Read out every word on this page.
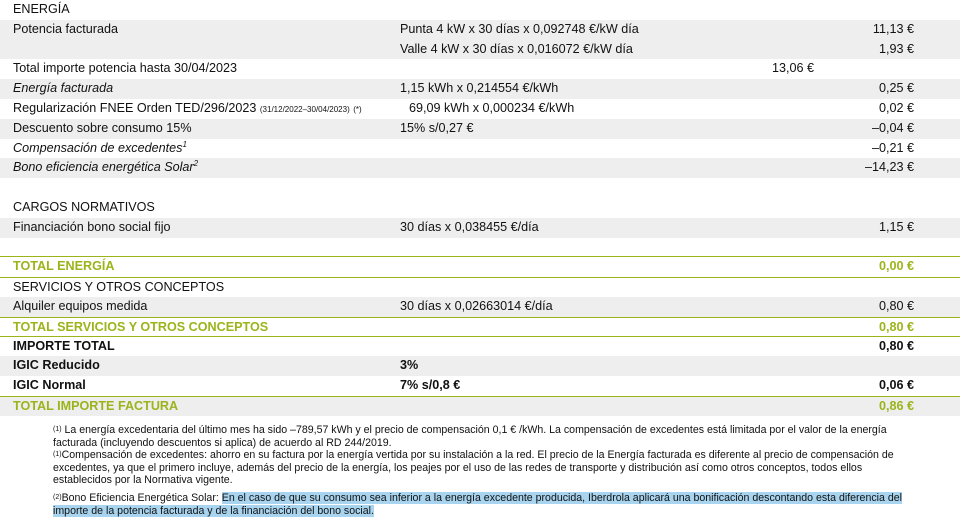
ENERGÍA
Potencia facturada	Punta 4 kW x 30 días x 0,092748 €/kW día	11,13 €
Valle 4 kW x 30 días x 0,016072 €/kW día	1,93 €
Total importe potencia hasta 30/04/2023	13,06 €
Energía facturada	1,15 kWh x 0,214554 €/kWh	0,25 €
Regularización FNEE Orden TED/296/2023 (31/12/2022–30/04/2023) (*)	69,09 kWh x 0,000234 €/kWh	0,02 €
Descuento sobre consumo 15%	15% s/0,27 €	–0,04 €
Compensación de excedentes$^1$	–0,21 €
Bono eficiencia energética Solar$^2$	–14,23 €
CARGOS NORMATIVOS
Financiación bono social fijo	30 días x 0,038455 €/día	1,15 €
TOTAL ENERGÍA	0,00 €
SERVICIOS Y OTROS CONCEPTOS
Alquiler equipos medida	30 días x 0,02663014 €/día	0,80 €
TOTAL SERVICIOS Y OTROS CONCEPTOS	0,80 €
IMPORTE TOTAL	0,80 €
IGIC Reducido	3%
IGIC Normal	7% s/0,8 €	0,06 €
TOTAL IMPORTE FACTURA	0,86 €

$^{(1)}$ La energía excedentaria del último mes ha sido –789,57 kWh y el precio de compensación 0,1 € /kWh. La compensación de excedentes está limitada por el valor de la energía facturada (incluyendo descuentos si aplica) de acuerdo al RD 244/2019.

$^{(1)}$Compensación de excedentes: ahorro en su factura por la energía vertida por su instalación a la red. El precio de la Energía facturada es diferente al precio de compensación de excedentes, ya que el primero incluye, además del precio de la energía, los peajes por el uso de las redes de transporte y distribución así como otros conceptos, todos ellos establecidos por la Normativa vigente.

$^{(2)}$Bono Eficiencia Energética Solar: En el caso de que su consumo sea inferior a la energía excedente producida, Iberdrola aplicará una bonificación descontando esta diferencia del importe de la potencia facturada y de la financiación del bono social.
